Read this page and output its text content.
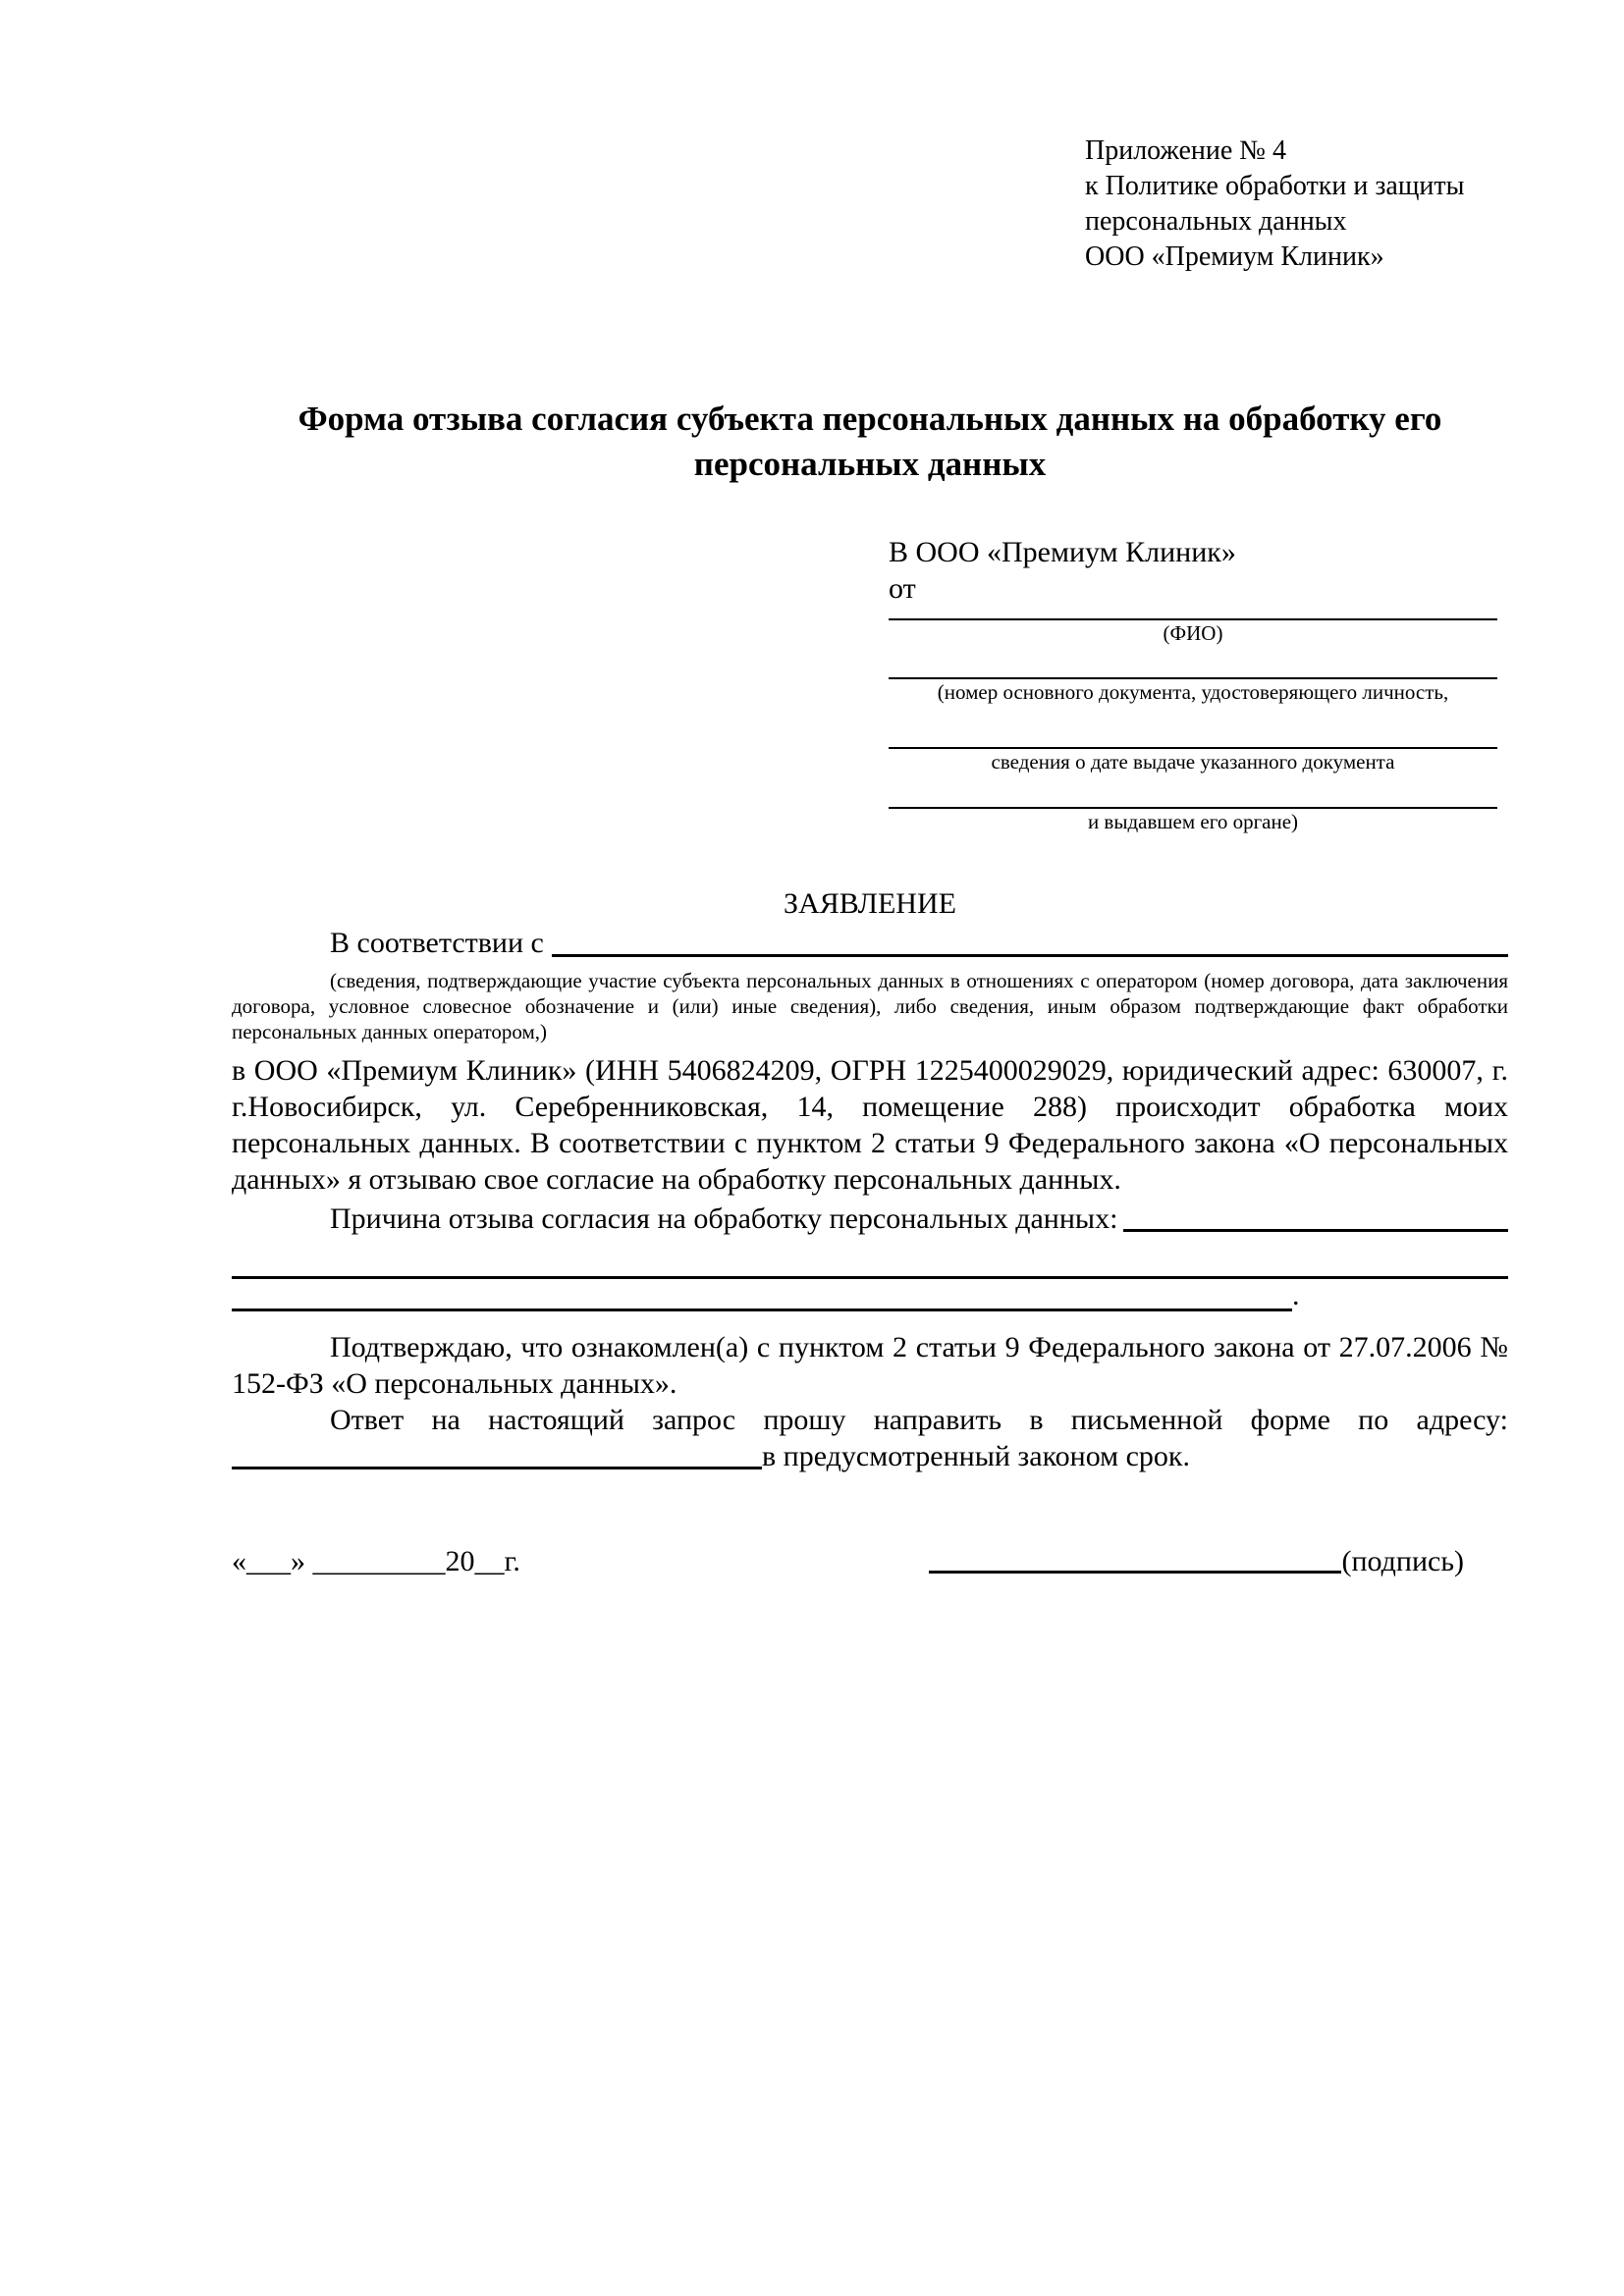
Приложение № 4
к Политике обработки и защиты
персональных данных
ООО «Премиум Клиник»
Форма отзыва согласия субъекта персональных данных на обработку его персональных данных
В ООО «Премиум Клиник»
от
(ФИО)
(номер основного документа, удостоверяющего личность,
сведения о дате выдаче указанного документа
и выдавшем его органе)
ЗАЯВЛЕНИЕ
В соответствии с
(сведения, подтверждающие участие субъекта персональных данных в отношениях с оператором (номер договора, дата заключения договора, условное словесное обозначение и (или) иные сведения), либо сведения, иным образом подтверждающие факт обработки персональных данных оператором,)
в ООО «Премиум Клиник» (ИНН 5406824209, ОГРН 1225400029029, юридический адрес: 630007, г. г.Новосибирск, ул. Серебренниковская, 14, помещение 288) происходит обработка моих персональных данных. В соответствии с пунктом 2 статьи 9 Федерального закона «О персональных данных» я отзываю свое согласие на обработку персональных данных.
Причина отзыва согласия на обработку персональных данных:
.
Подтверждаю, что ознакомлен(а) с пунктом 2 статьи 9 Федерального закона от 27.07.2006 № 152-ФЗ «О персональных данных».
Ответ на настоящий запрос прошу направить в письменной форме по адресу:
в предусмотренный законом срок.
«___» _________20__г.	(подпись)
